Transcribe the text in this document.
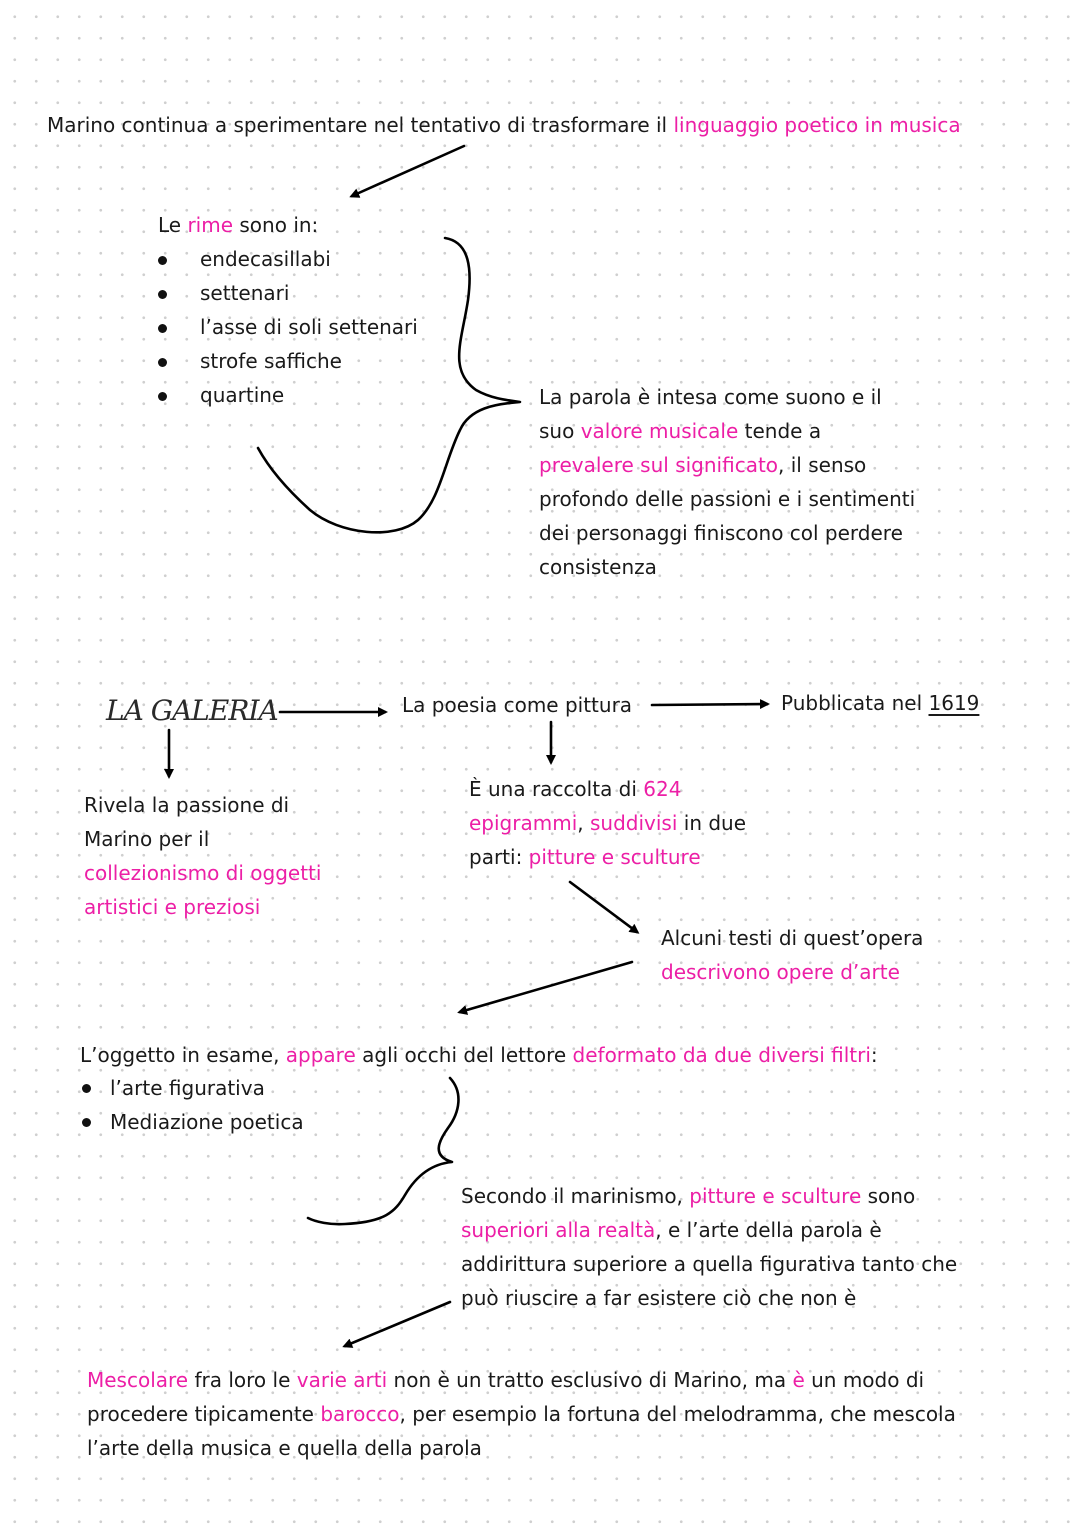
Marino continua a sperimentare nel tentativo di trasformare il linguaggio poetico in musica
Le rime sono in:
endecasillabi
settenari
l’asse di soli settenari
strofe saffiche
quartine	La parola è intesa come suono e il
suo valore musicale tende a
prevalere sul significato, il senso
profondo delle passioni e i sentimenti
dei personaggi finiscono col perdere
consistenza
LA GALERIA	La poesia come pittura	Pubblicata nel 1619
Rivela la passione di
Marino per il
collezionismo di oggetti
artistici e preziosi
È una raccolta di 624
epigrammi, suddivisi in due
parti: pitture e sculture
Alcuni testi di quest’opera
descrivono opere d’arte
L’oggetto in esame, appare agli occhi del lettore deformato da due diversi filtri:
l’arte figurativa
Mediazione poetica
Secondo il marinismo, pitture e sculture sono
superiori alla realtà, e l’arte della parola è
addirittura superiore a quella figurativa tanto che
può riuscire a far esistere ciò che non è
Mescolare fra loro le varie arti non è un tratto esclusivo di Marino, ma è un modo di
procedere tipicamente barocco, per esempio la fortuna del melodramma, che mescola
l’arte della musica e quella della parola
